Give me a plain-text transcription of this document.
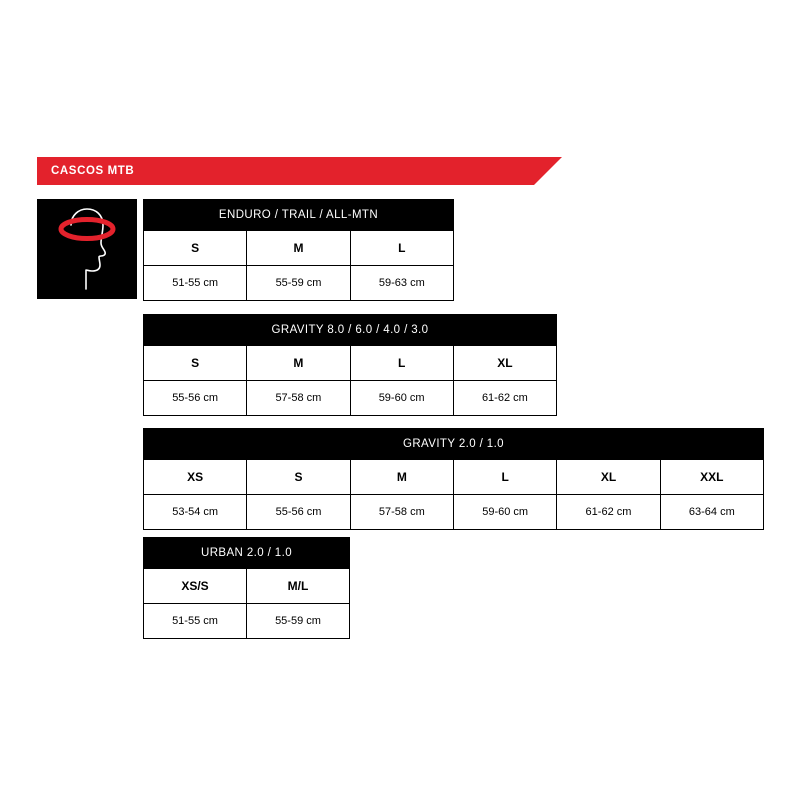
CASCOS MTB
ENDURO / TRAIL / ALL-MTN		
S	M	L
51-55 cm	55-59 cm	59-63 cm
GRAVITY 8.0 / 6.0 / 4.0 / 3.0			
S	M	L	XL
55-56 cm	57-58 cm	59-60 cm	61-62 cm
GRAVITY 2.0 / 1.0					
XS	S	M	L	XL	XXL
53-54 cm	55-56 cm	57-58 cm	59-60 cm	61-62 cm	63-64 cm
URBAN 2.0 / 1.0	
XS/S	M/L
51-55 cm	55-59 cm
